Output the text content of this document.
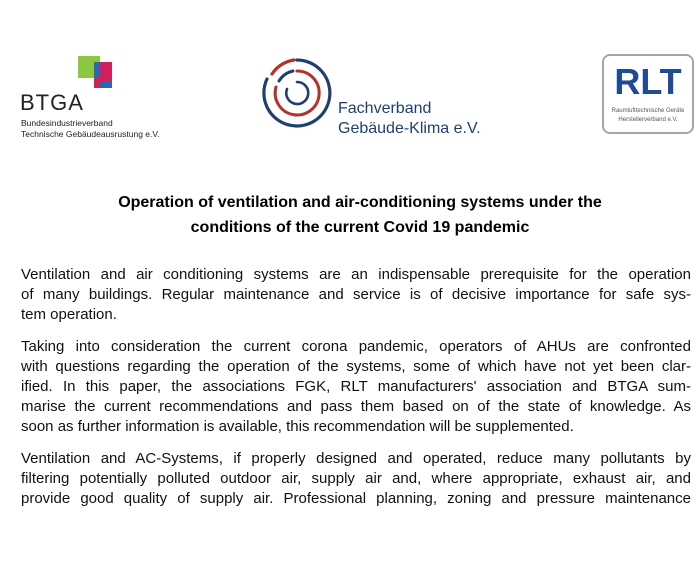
BTGA
Bundesindustrieverband
Technische Gebäudeausrustung e.V.
Fachverband
Gebäude-Klima e.V.
RLT
Raumlufttechnische Geräte
Herstellerverband e.V.
Operation of ventilation and air-conditioning systems under the
conditions of the current Covid 19 pandemic

Ventilation and air conditioning systems are an indispensable prerequisite for the operation
of many buildings. Regular maintenance and service is of decisive importance for safe sys-
tem operation.

Taking into consideration the current corona pandemic, operators of AHUs are confronted
with questions regarding the operation of the systems, some of which have not yet been clar-
ified. In this paper, the associations FGK, RLT manufacturers' association and BTGA sum-
marise the current recommendations and pass them based on of the state of knowledge. As
soon as further information is available, this recommendation will be supplemented.

Ventilation and AC-Systems, if properly designed and operated, reduce many pollutants by
filtering potentially polluted outdoor air, supply air and, where appropriate, exhaust air, and
provide good quality of supply air. Professional planning, zoning and pressure maintenance
